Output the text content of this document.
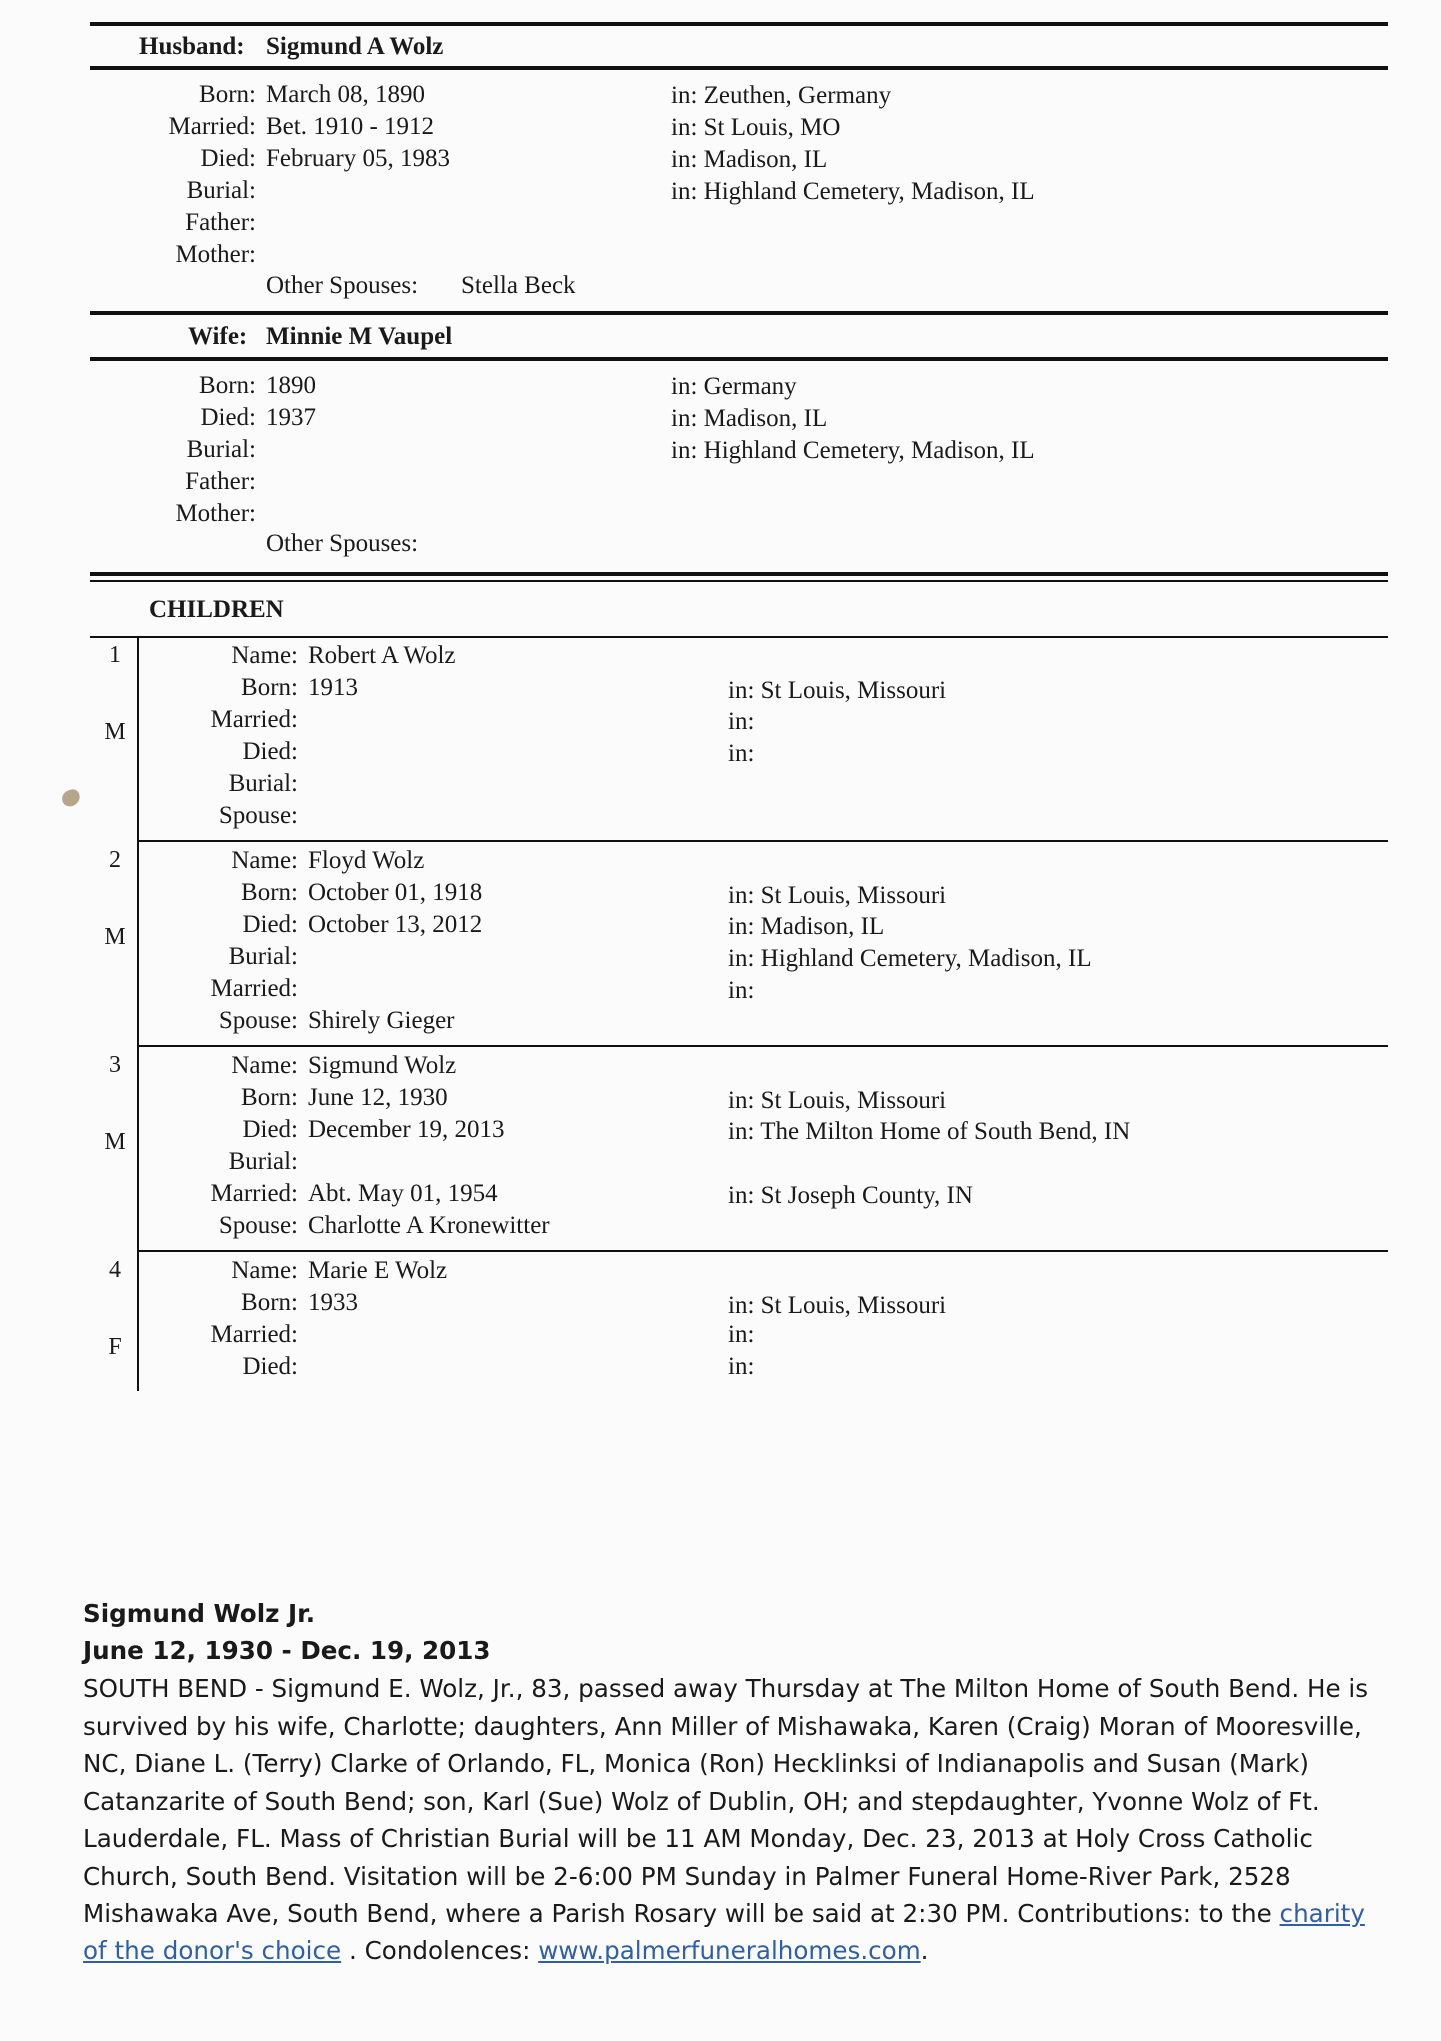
Husband: Sigmund A Wolz
Born: March 08, 1890	in: Zeuthen, Germany
Married: Bet. 1910 - 1912	in: St Louis, MO
Died: February 05, 1983	in: Madison, IL
Burial:	in: Highland Cemetery, Madison, IL
Father:
Mother:
Other Spouses: Stella Beck
Wife: Minnie M Vaupel
Born: 1890	in: Germany
Died: 1937	in: Madison, IL
Burial:	in: Highland Cemetery, Madison, IL
Father:
Mother:
Other Spouses:
CHILDREN
1
M
Name: Robert A Wolz
Born: 1913	in: St Louis, Missouri
Married:	in:
Died:	in:
Burial:
Spouse:
2
M
Name: Floyd Wolz
Born: October 01, 1918	in: St Louis, Missouri
Died: October 13, 2012	in: Madison, IL
Burial:	in: Highland Cemetery, Madison, IL
Married:	in:
Spouse: Shirely Gieger
3
M
Name: Sigmund Wolz
Born: June 12, 1930	in: St Louis, Missouri
Died: December 19, 2013	in: The Milton Home of South Bend, IN
Burial:
Married: Abt. May 01, 1954	in: St Joseph County, IN
Spouse: Charlotte A Kronewitter
4
F
Name: Marie E Wolz
Born: 1933	in: St Louis, Missouri
Married:	in:
Died:	in:
Sigmund Wolz Jr.
June 12, 1930 - Dec. 19, 2013
SOUTH BEND - Sigmund E. Wolz, Jr., 83, passed away Thursday at The Milton Home of South Bend. He is
survived by his wife, Charlotte; daughters, Ann Miller of Mishawaka, Karen (Craig) Moran of Mooresville,
NC, Diane L. (Terry) Clarke of Orlando, FL, Monica (Ron) Hecklinksi of Indianapolis and Susan (Mark)
Catanzarite of South Bend; son, Karl (Sue) Wolz of Dublin, OH; and stepdaughter, Yvonne Wolz of Ft.
Lauderdale, FL. Mass of Christian Burial will be 11 AM Monday, Dec. 23, 2013 at Holy Cross Catholic
Church, South Bend. Visitation will be 2-6:00 PM Sunday in Palmer Funeral Home-River Park, 2528
Mishawaka Ave, South Bend, where a Parish Rosary will be said at 2:30 PM. Contributions: to the charity
of the donor's choice . Condolences: www.palmerfuneralhomes.com.
